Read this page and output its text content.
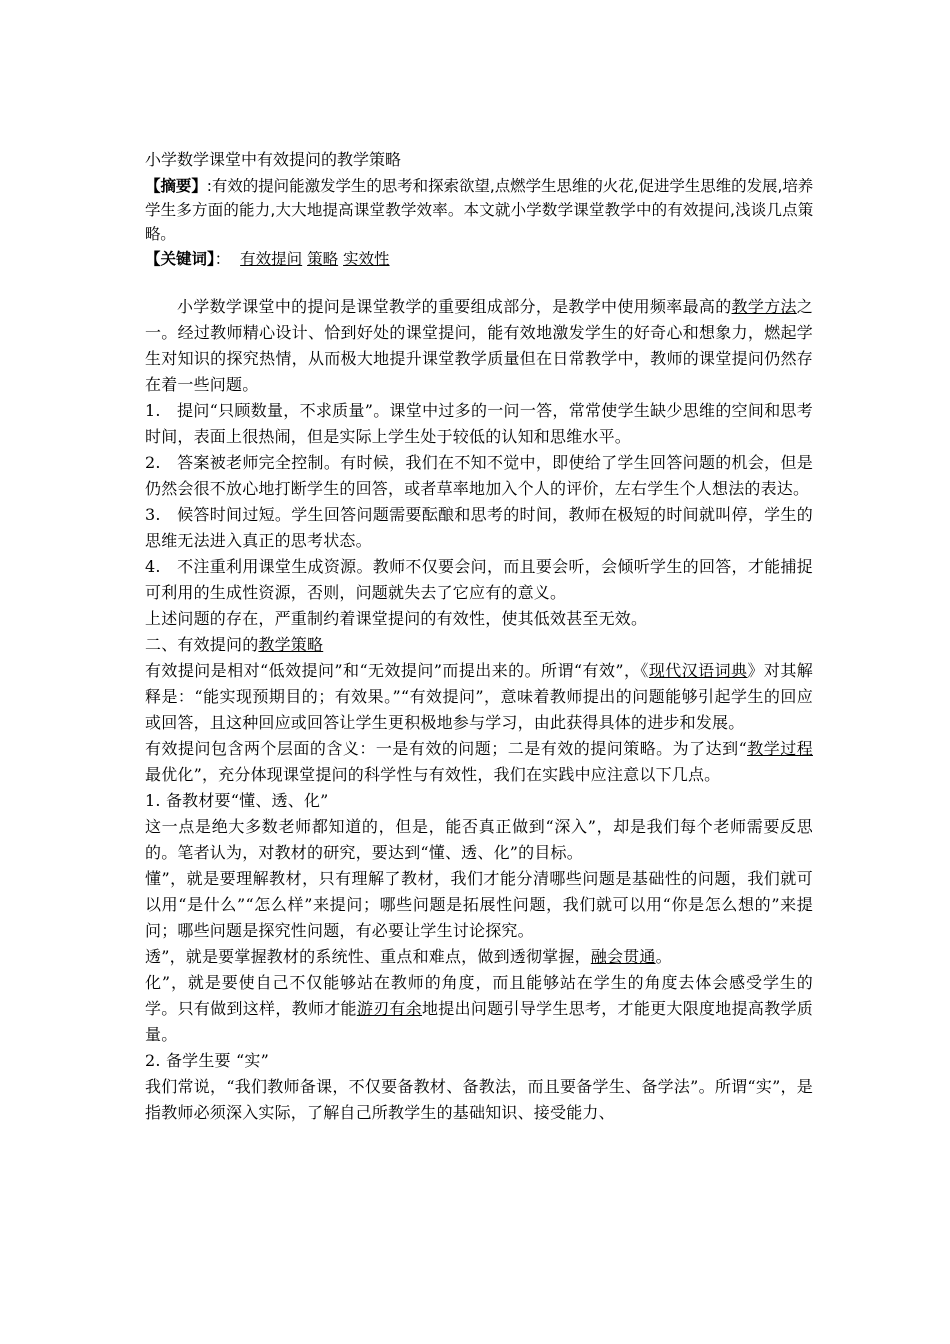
小学数学课堂中有效提问的教学策略

【摘要】:有效的提问能激发学生的思考和探索欲望,点燃学生思维的火花,促进学生思维的发展,培养学生多方面的能力,大大地提高课堂教学效率。本文就小学数学课堂教学中的有效提问,浅谈几点策略。

【关键词】： 有效提问 策略 实效性

小学数学课堂中的提问是课堂教学的重要组成部分，是教学中使用频率最高的教学方法之一。经过教师精心设计、恰到好处的课堂提问，能有效地激发学生的好奇心和想象力，燃起学生对知识的探究热情，从而极大地提升课堂教学质量但在日常教学中，教师的课堂提问仍然存在着一些问题。

1.　提问“只顾数量，不求质量”。课堂中过多的一问一答，常常使学生缺少思维的空间和思考时间，表面上很热闹，但是实际上学生处于较低的认知和思维水平。

2.　答案被老师完全控制。有时候，我们在不知不觉中，即使给了学生回答问题的机会，但是仍然会很不放心地打断学生的回答，或者草率地加入个人的评价，左右学生个人想法的表达。

3.　候答时间过短。学生回答问题需要酝酿和思考的时间，教师在极短的时间就叫停，学生的思维无法进入真正的思考状态。

4.　不注重利用课堂生成资源。教师不仅要会问，而且要会听，会倾听学生的回答，才能捕捉可利用的生成性资源，否则，问题就失去了它应有的意义。

上述问题的存在，严重制约着课堂提问的有效性，使其低效甚至无效。

二、有效提问的教学策略

有效提问是相对“低效提问”和“无效提问”而提出来的。所谓“有效”，《现代汉语词典》对其解释是：“能实现预期目的；有效果。”“有效提问”，意味着教师提出的问题能够引起学生的回应或回答，且这种回应或回答让学生更积极地参与学习，由此获得具体的进步和发展。

有效提问包含两个层面的含义：一是有效的问题；二是有效的提问策略。为了达到“教学过程最优化”，充分体现课堂提问的科学性与有效性，我们在实践中应注意以下几点。

1. 备教材要“懂、透、化”

这一点是绝大多数老师都知道的，但是，能否真正做到“深入”，却是我们每个老师需要反思的。笔者认为，对教材的研究，要达到“懂、透、化”的目标。

懂”，就是要理解教材，只有理解了教材，我们才能分清哪些问题是基础性的问题，我们就可以用“是什么”“怎么样”来提问；哪些问题是拓展性问题，我们就可以用“你是怎么想的”来提问；哪些问题是探究性问题，有必要让学生讨论探究。

透”，就是要掌握教材的系统性、重点和难点，做到透彻掌握，融会贯通。

化”，就是要使自己不仅能够站在教师的角度，而且能够站在学生的角度去体会感受学生的学。只有做到这样，教师才能游刃有余地提出问题引导学生思考，才能更大限度地提高教学质量。

2. 备学生要 “实”

我们常说，“我们教师备课，不仅要备教材、备教法，而且要备学生、备学法”。所谓“实”，是指教师必须深入实际，了解自己所教学生的基础知识、接受能力、
